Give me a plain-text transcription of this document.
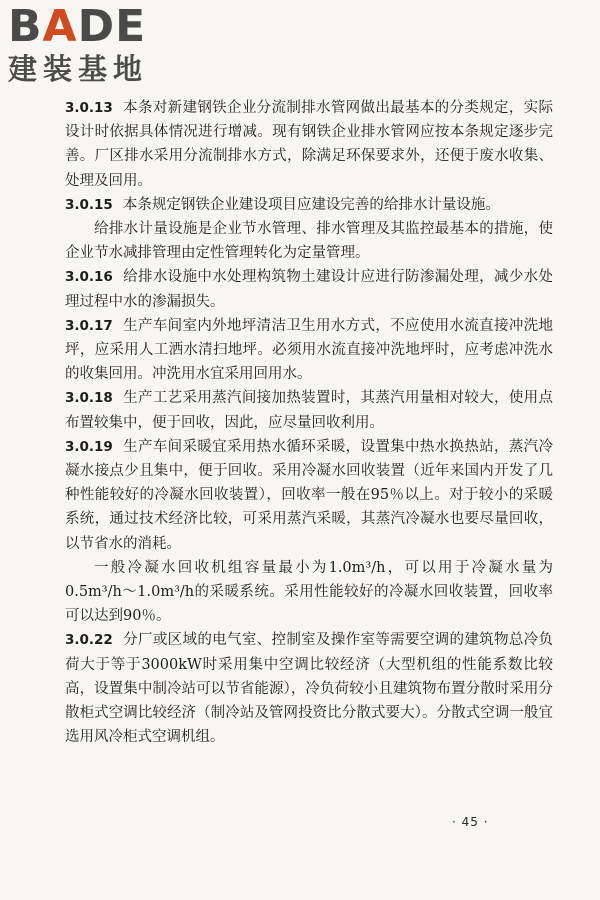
BADE
建装基地

3.0.13 本条对新建钢铁企业分流制排水管网做出最基本的分类规定，实际设计时依据具体情况进行增减。现有钢铁企业排水管网应按本条规定逐步完善。厂区排水采用分流制排水方式，除满足环保要求外，还便于废水收集、处理及回用。

3.0.15 本条规定钢铁企业建设项目应建设完善的给排水计量设施。

给排水计量设施是企业节水管理、排水管理及其监控最基本的措施，使企业节水减排管理由定性管理转化为定量管理。

3.0.16 给排水设施中水处理构筑物土建设计应进行防渗漏处理，减少水处理过程中水的渗漏损失。

3.0.17 生产车间室内外地坪清洁卫生用水方式，不应使用水流直接冲洗地坪，应采用人工洒水清扫地坪。必须用水流直接冲洗地坪时，应考虑冲洗水的收集回用。冲洗用水宜采用回用水。

3.0.18 生产工艺采用蒸汽间接加热装置时，其蒸汽用量相对较大，使用点布置较集中，便于回收，因此，应尽量回收利用。

3.0.19 生产车间采暖宜采用热水循环采暖，设置集中热水换热站，蒸汽冷凝水接点少且集中，便于回收。采用冷凝水回收装置（近年来国内开发了几种性能较好的冷凝水回收装置），回收率一般在95％以上。对于较小的采暖系统，通过技术经济比较，可采用蒸汽采暖，其蒸汽冷凝水也要尽量回收，以节省水的消耗。

一般冷凝水回收机组容量最小为1.0m³/h，可以用于冷凝水量为0.5m³/h～1.0m³/h的采暖系统。采用性能较好的冷凝水回收装置，回收率可以达到90％。

3.0.22 分厂或区域的电气室、控制室及操作室等需要空调的建筑物总冷负荷大于等于3000kW时采用集中空调比较经济（大型机组的性能系数比较高，设置集中制冷站可以节省能源），冷负荷较小且建筑物布置分散时采用分散柜式空调比较经济（制冷站及管网投资比分散式要大）。分散式空调一般宜选用风冷柜式空调机组。

· 45 ·
